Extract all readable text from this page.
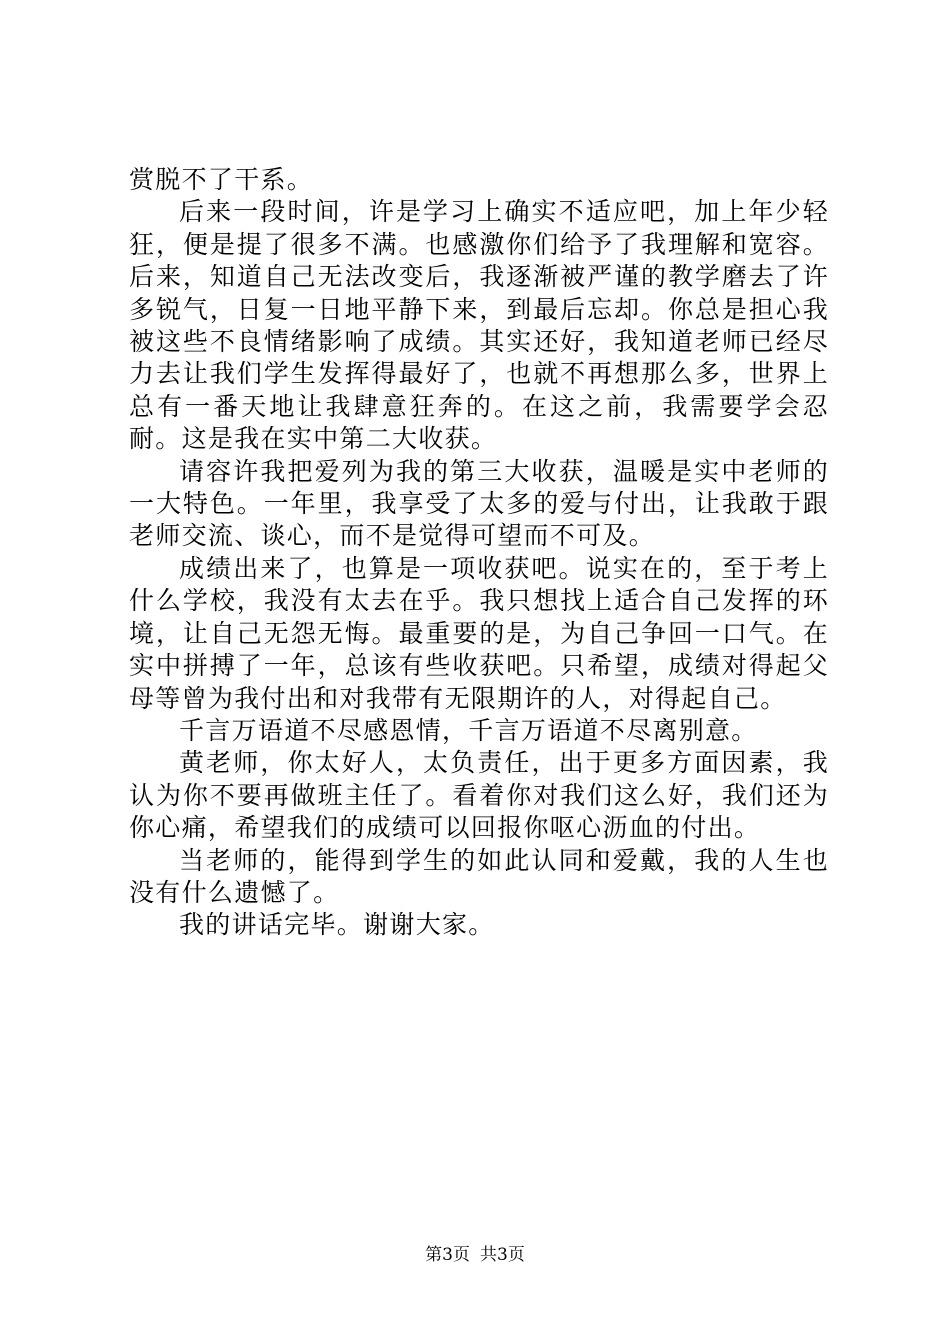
赏脱不了干系。

后来一段时间，许是学习上确实不适应吧，加上年少轻狂，便是提了很多不满。也感激你们给予了我理解和宽容。后来，知道自己无法改变后，我逐渐被严谨的教学磨去了许多锐气，日复一日地平静下来，到最后忘却。你总是担心我被这些不良情绪影响了成绩。其实还好，我知道老师已经尽力去让我们学生发挥得最好了，也就不再想那么多，世界上总有一番天地让我肆意狂奔的。在这之前，我需要学会忍耐。这是我在实中第二大收获。

请容许我把爱列为我的第三大收获，温暖是实中老师的一大特色。一年里，我享受了太多的爱与付出，让我敢于跟老师交流、谈心，而不是觉得可望而不可及。

成绩出来了，也算是一项收获吧。说实在的，至于考上什么学校，我没有太去在乎。我只想找上适合自己发挥的环境，让自己无怨无悔。最重要的是，为自己争回一口气。在实中拼搏了一年，总该有些收获吧。只希望，成绩对得起父母等曾为我付出和对我带有无限期许的人，对得起自己。

千言万语道不尽感恩情，千言万语道不尽离别意。

黄老师，你太好人，太负责任，出于更多方面因素，我认为你不要再做班主任了。看着你对我们这么好，我们还为你心痛，希望我们的成绩可以回报你呕心沥血的付出。

当老师的，能得到学生的如此认同和爱戴，我的人生也没有什么遗憾了。

我的讲话完毕。谢谢大家。

第3页 共3页
